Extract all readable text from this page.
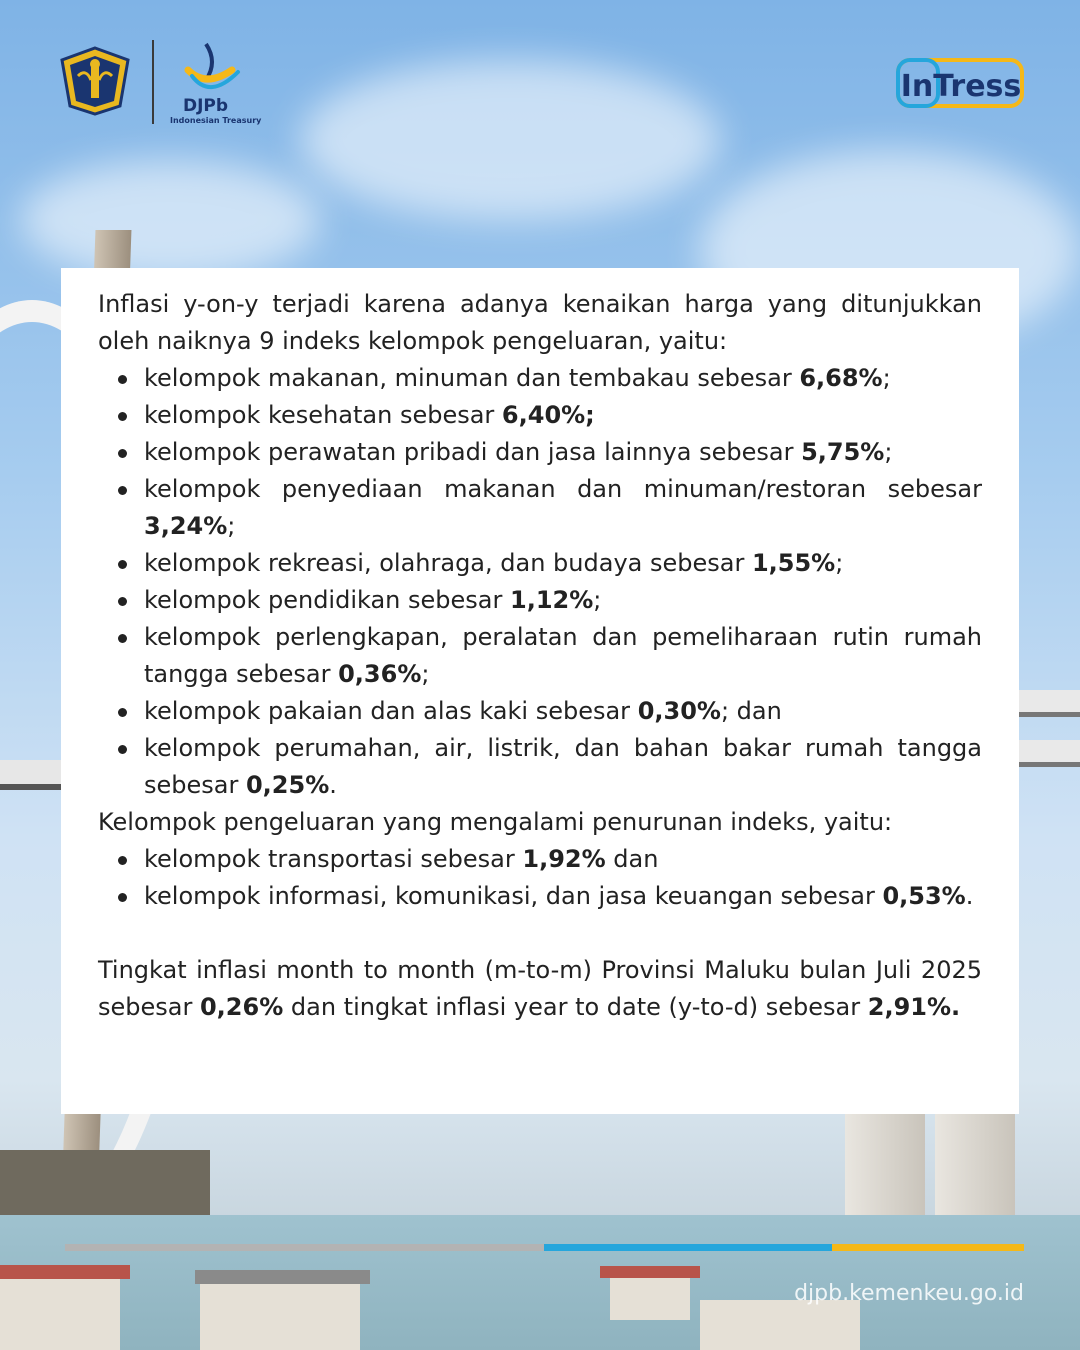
DJPb
Indonesian Treasury
InTress

Inflasi y-on-y terjadi karena adanya kenaikan harga yang ditunjukkan oleh naiknya 9 indeks kelompok pengeluaran, yaitu:

kelompok makanan, minuman dan tembakau sebesar 6,68%;
kelompok kesehatan sebesar 6,40%;
kelompok perawatan pribadi dan jasa lainnya sebesar 5,75%;
kelompok penyediaan makanan dan minuman/restoran sebesar 3,24%;
kelompok rekreasi, olahraga, dan budaya sebesar 1,55%;
kelompok pendidikan sebesar 1,12%;
kelompok perlengkapan, peralatan dan pemeliharaan rutin rumah tangga sebesar 0,36%;
kelompok pakaian dan alas kaki sebesar 0,30%; dan
kelompok perumahan, air, listrik, dan bahan bakar rumah tangga sebesar 0,25%.

Kelompok pengeluaran yang mengalami penurunan indeks, yaitu:

kelompok transportasi sebesar 1,92% dan
kelompok informasi, komunikasi, dan jasa keuangan sebesar 0,53%.

Tingkat inflasi month to month (m-to-m) Provinsi Maluku bulan Juli 2025 sebesar 0,26% dan tingkat inflasi year to date (y-to-d) sebesar 2,91%.

djpb.kemenkeu.go.id
